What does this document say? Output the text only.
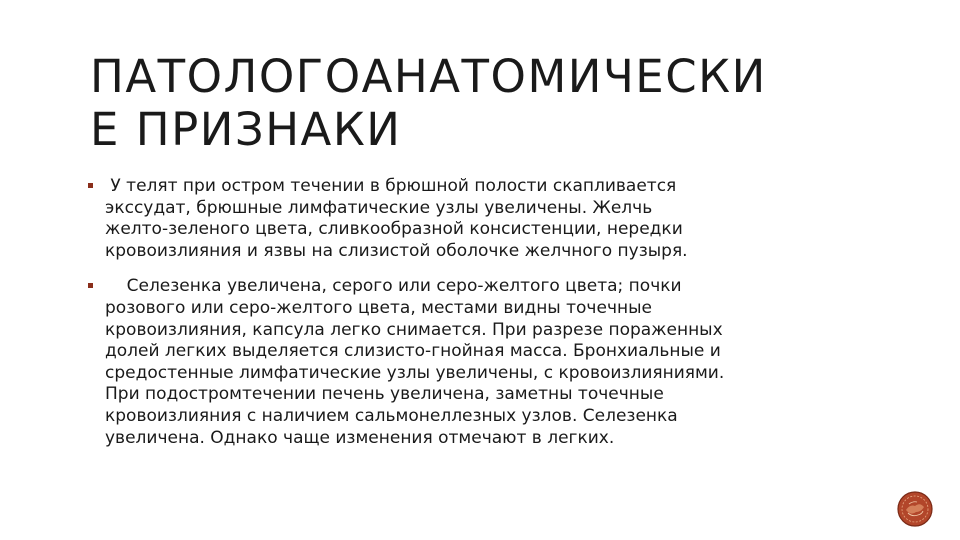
ПАТОЛОГОАНАТОМИЧЕСКИ
Е ПРИЗНАКИ
У телят при остром течении в брюшной полости скапливается
экссудат, брюшные лимфатические узлы увеличены. Желчь
желто-зеленого цвета, сливкообразной консистенции, нередки
кровоизлияния и язвы на слизистой оболочке желчного пузыря.
Селезенка увеличена, серого или серо-желтого цвета; почки
розового или серо-желтого цвета, местами видны точечные
кровоизлияния, капсула легко снимается. При разрезе пораженных
долей легких выделяется слизисто-гнойная масса. Бронхиальные и
средостенные лимфатические узлы увеличены, с кровоизлияниями.
При подостромтечении печень увеличена, заметны точечные
кровоизлияния с наличием сальмонеллезных узлов. Селезенка
увеличена. Однако чаще изменения отмечают в легких.
